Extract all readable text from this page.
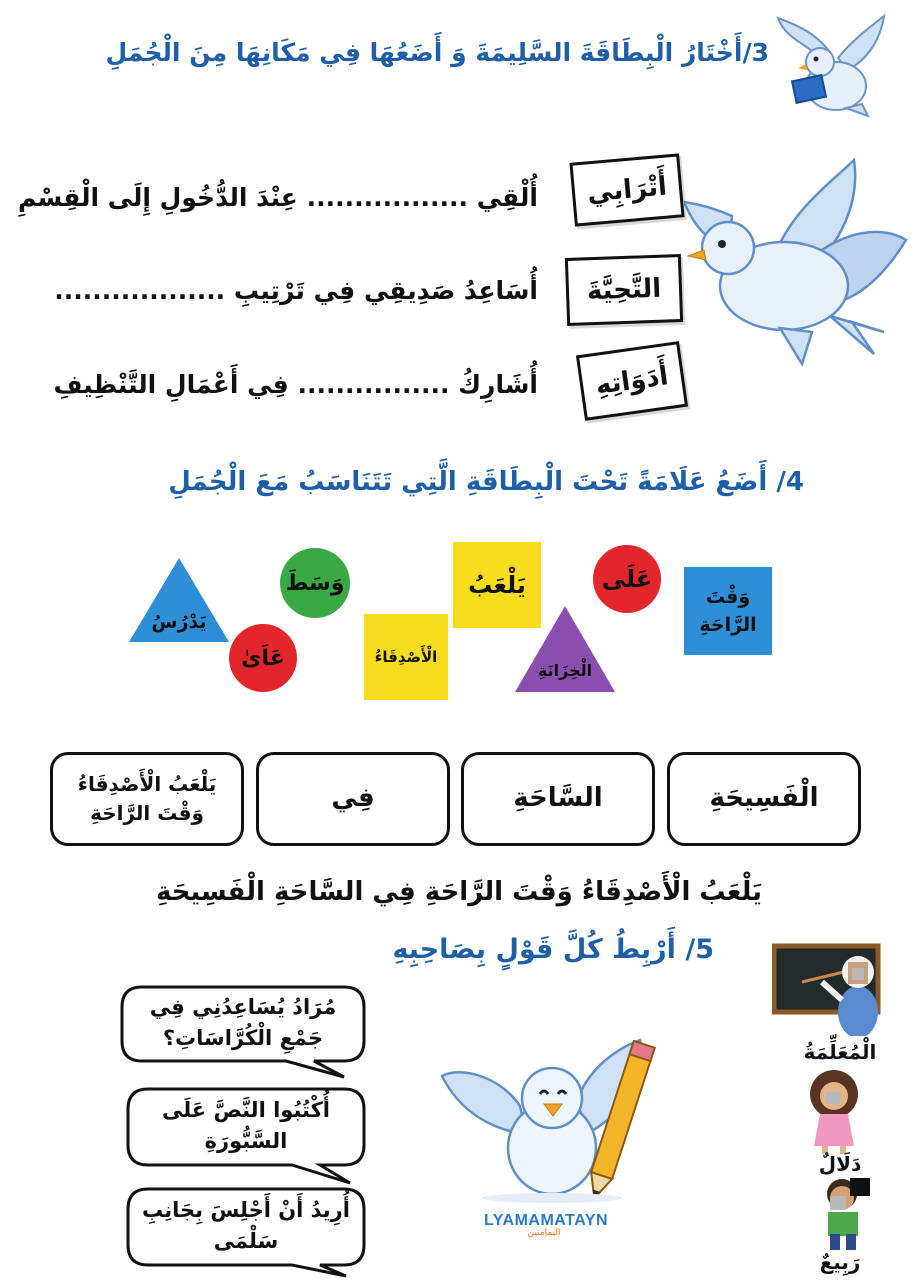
3/أَخْتَارُ الْبِطَاقَةَ السَّلِيمَةَ وَ أَضَعُهَا فِي مَكَانِهَا مِنَ الْجُمَلِ
أُلْقِي ................. عِنْدَ الدُّخُولِ إِلَى الْقِسْمِ
أُسَاعِدُ صَدِيقِي فِي تَرْتِيبِ ..................
أُشَارِكُ ................ فِي أَعْمَالِ التَّنْظِيفِ
أَتْرَابِي
التَّحِيَّةَ
أَدَوَاتِهِ
4/ أَضَعُ عَلَامَةً تَحْتَ الْبِطَاقَةِ الَّتِي تَتَنَاسَبُ مَعَ الْجُمَلِ
يَدْرُسُ
وَسَطَ
عَاَىٰ	الْأَصْدِقَاءُ
يَلْعَبُ
الْخِزَانَةِ
عَلَى
وَقْتَ الرَّاحَةِ
الْفَسِيحَةِ
السَّاحَةِ
فِي
يَلْعَبُ الْأَصْدِقَاءُ وَقْتَ الرَّاحَةِ
يَلْعَبُ الْأَصْدِقَاءُ وَقْتَ الرَّاحَةِ فِي السَّاحَةِ الْفَسِيحَةِ
5/ أَرْبِطُ كُلَّ قَوْلٍ بِصَاحِبِهِ
مُرَادُ يُسَاعِدُنِي فِي جَمْعِ الْكُرَّاسَاتِ؟
أُكْتُبُوا النَّصَّ عَلَى السَّبُّورَةِ
أُرِيدُ أَنْ أَجْلِسَ بِجَانِبِ سَلْمَى
LYAMAMATAYN
اليمامتين
الْمُعَلِّمَةُ
دَلَالٌ
رَبِيعٌ
